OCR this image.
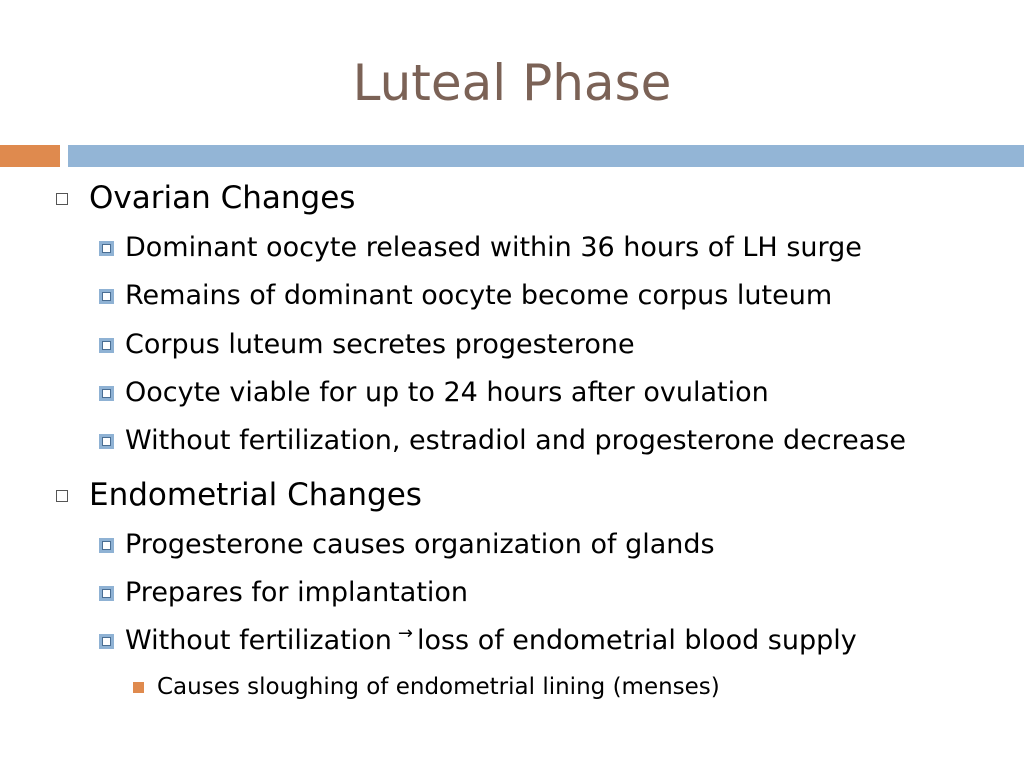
Luteal Phase
Ovarian Changes
Dominant oocyte released within 36 hours of LH surge
Remains of dominant oocyte become corpus luteum
Corpus luteum secretes progesterone
Oocyte viable for up to 24 hours after ovulation
Without fertilization, estradiol and progesterone decrease
Endometrial Changes
Progesterone causes organization of glands
Prepares for implantation
Without fertilization → loss of endometrial blood supply
Causes sloughing of endometrial lining (menses)
